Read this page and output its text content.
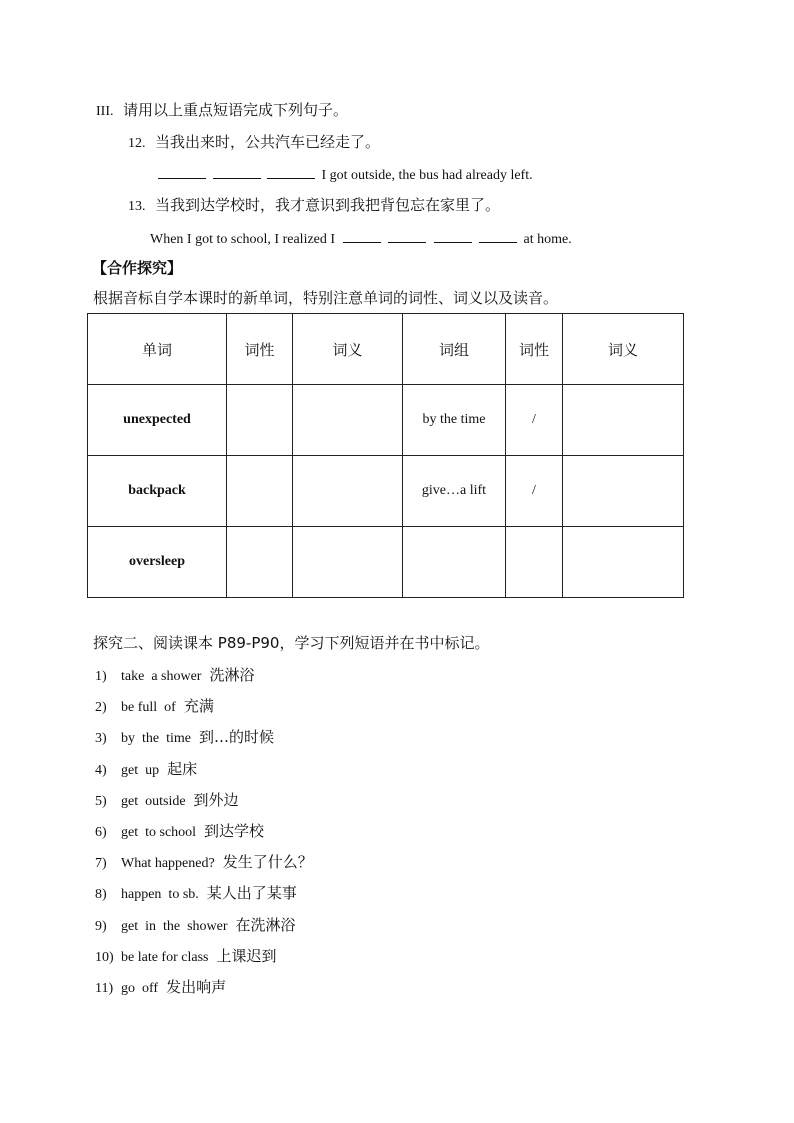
III. 请用以上重点短语完成下列句子。
12. 当我出来时，公共汽车已经走了。
I got outside, the bus had already left.
13. 当我到达学校时，我才意识到我把背包忘在家里了。
When I got to school, I realized I	at home.
【合作探究】
根据音标自学本课时的新单词，特别注意单词的词性、词义以及读音。
单词	词性	词义	词组	词性	词义
unexpected			by the time	/	
backpack			give…a lift	/	
oversleep					
探究二、阅读课本 P89-P90，学习下列短语并在书中标记。
1) take  a shower 洗淋浴
2) be full  of 充满
3) by  the  time 到…的时候
4) get  up 起床
5) get  outside 到外边
6) get  to school 到达学校
7) What happened? 发生了什么？
8) happen  to sb. 某人出了某事
9) get  in  the  shower 在洗淋浴
10) be late for class 上课迟到
11) go  off 发出响声
